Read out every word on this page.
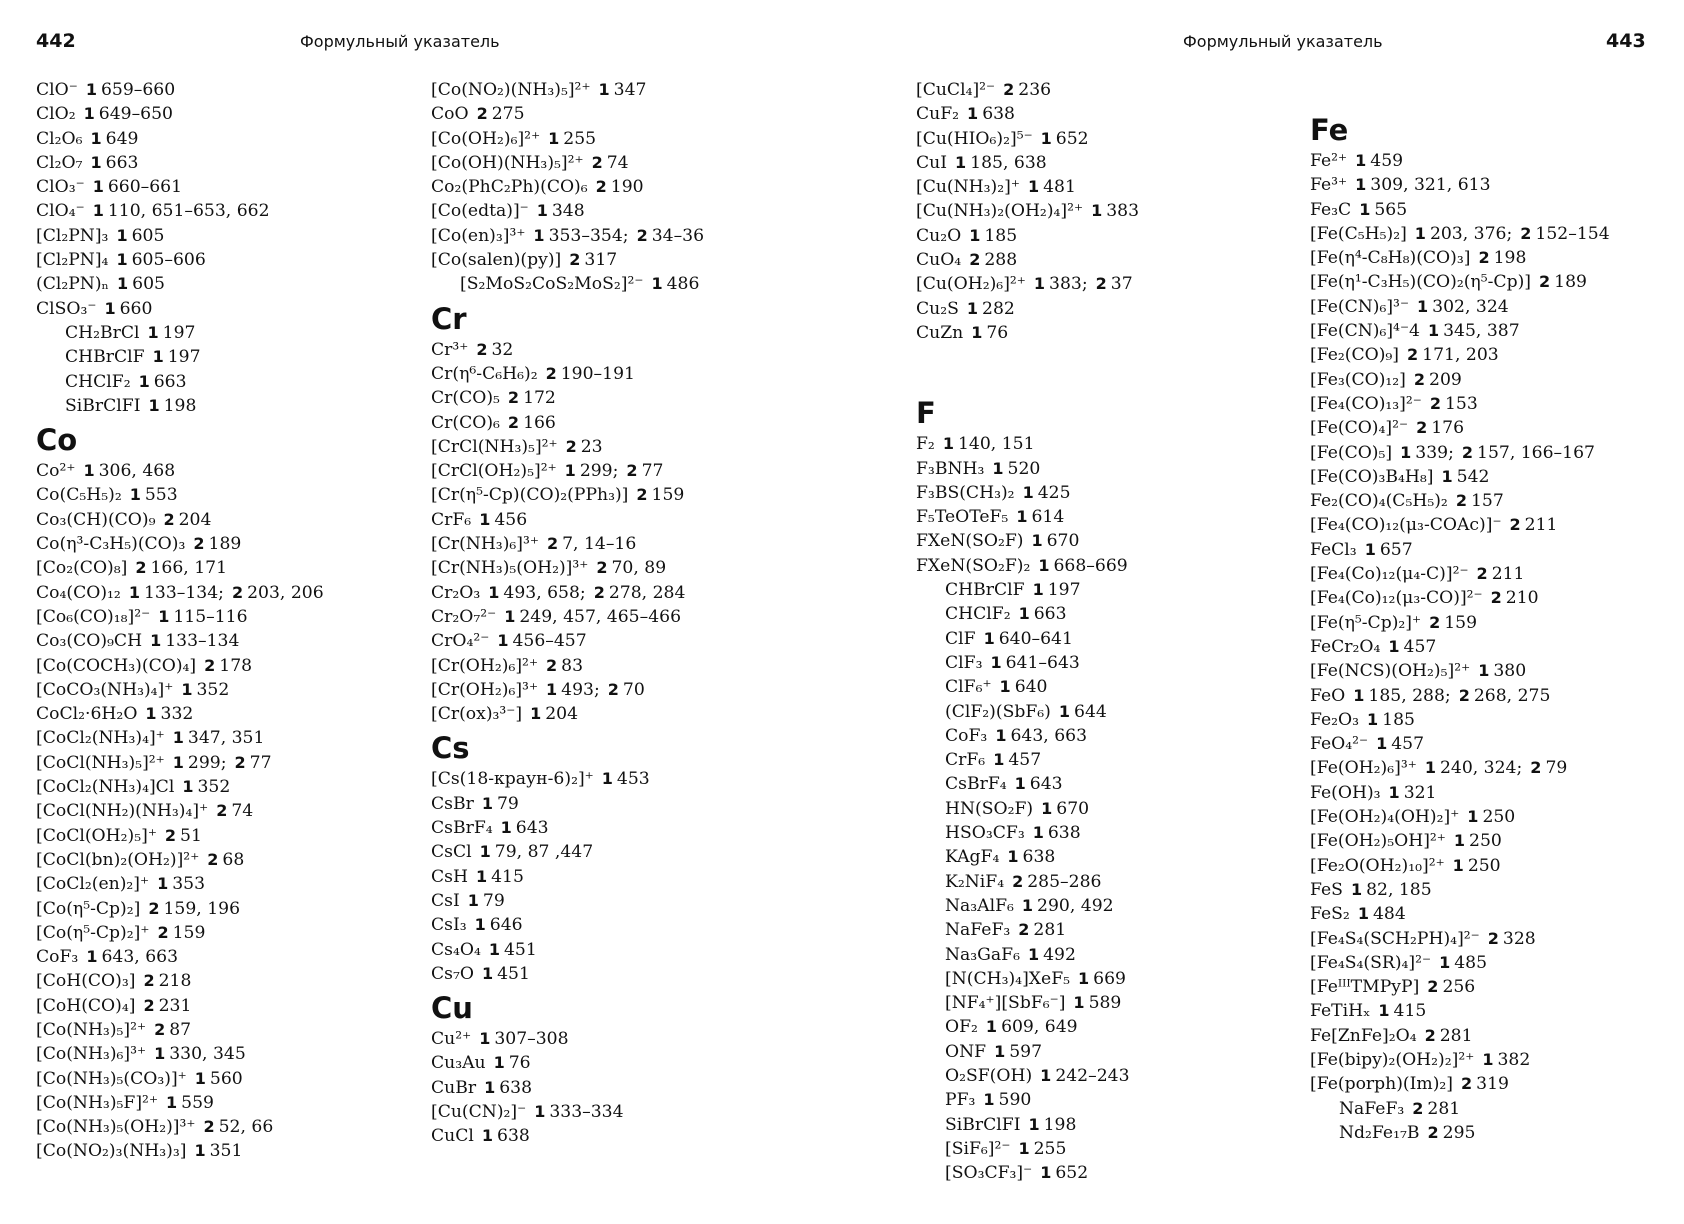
442	Формульный указатель	Формульный указатель	443
ClO⁻ 1 659–660
ClO₂ 1 649–650
Cl₂O₆ 1 649
Cl₂O₇ 1 663
ClO₃⁻ 1 660–661
ClO₄⁻ 1 110, 651–653, 662
[Cl₂PN]₃ 1 605
[Cl₂PN]₄ 1 605–606
(Cl₂PN)ₙ 1 605
ClSO₃⁻ 1 660
CH₂BrCl 1 197
CHBrClF 1 197
CHClF₂ 1 663
SiBrClFI 1 198
Co
Co²⁺ 1 306, 468
Co(C₅H₅)₂ 1 553
Co₃(CH)(CO)₉ 2 204
Co(η³-C₃H₅)(CO)₃ 2 189
[Co₂(CO)₈] 2 166, 171
Co₄(CO)₁₂ 1 133–134; 2 203, 206
[Co₆(CO)₁₈]²⁻ 1 115–116
Co₃(CO)₉CH 1 133–134
[Co(COCH₃)(CO)₄] 2 178
[CoCO₃(NH₃)₄]⁺ 1 352
CoCl₂·6H₂O 1 332
[CoCl₂(NH₃)₄]⁺ 1 347, 351
[CoCl(NH₃)₅]²⁺ 1 299; 2 77
[CoCl₂(NH₃)₄]Cl 1 352
[CoCl(NH₂)(NH₃)₄]⁺ 2 74
[CoCl(OH₂)₅]⁺ 2 51
[CoCl(bn)₂(OH₂)]²⁺ 2 68
[CoCl₂(en)₂]⁺ 1 353
[Co(η⁵-Cp)₂] 2 159, 196
[Co(η⁵-Cp)₂]⁺ 2 159
CoF₃ 1 643, 663
[CoH(CO)₃] 2 218
[CoH(CO)₄] 2 231
[Co(NH₃)₅]²⁺ 2 87
[Co(NH₃)₆]³⁺ 1 330, 345
[Co(NH₃)₅(CO₃)]⁺ 1 560
[Co(NH₃)₅F]²⁺ 1 559
[Co(NH₃)₅(OH₂)]³⁺ 2 52, 66
[Co(NO₂)₃(NH₃)₃] 1 351
[Co(NO₂)(NH₃)₅]²⁺ 1 347
CoO 2 275
[Co(OH₂)₆]²⁺ 1 255
[Co(OH)(NH₃)₅]²⁺ 2 74
Co₂(PhC₂Ph)(CO)₆ 2 190
[Co(edta)]⁻ 1 348
[Co(en)₃]³⁺ 1 353–354; 2 34–36
[Co(salen)(py)] 2 317
[S₂MoS₂CoS₂MoS₂]²⁻ 1 486
Cr
Cr³⁺ 2 32
Cr(η⁶-C₆H₆)₂ 2 190–191
Cr(CO)₅ 2 172
Cr(CO)₆ 2 166
[CrCl(NH₃)₅]²⁺ 2 23
[CrCl(OH₂)₅]²⁺ 1 299; 2 77
[Cr(η⁵-Cp)(CO)₂(PPh₃)] 2 159
CrF₆ 1 456
[Cr(NH₃)₆]³⁺ 2 7, 14–16
[Cr(NH₃)₅(OH₂)]³⁺ 2 70, 89
Cr₂O₃ 1 493, 658; 2 278, 284
Cr₂O₇²⁻ 1 249, 457, 465–466
CrO₄²⁻ 1 456–457
[Cr(OH₂)₆]²⁺ 2 83
[Cr(OH₂)₆]³⁺ 1 493; 2 70
[Cr(ox)₃³⁻] 1 204
Cs
[Cs(18-краун-6)₂]⁺ 1 453
CsBr 1 79
CsBrF₄ 1 643
CsCl 1 79, 87 ,447
CsH 1 415
CsI 1 79
CsI₃ 1 646
Cs₄O₄ 1 451
Cs₇O 1 451
Cu
Cu²⁺ 1 307–308
Cu₃Au 1 76
CuBr 1 638
[Cu(CN)₂]⁻ 1 333–334
CuCl 1 638
[CuCl₄]²⁻ 2 236
CuF₂ 1 638
[Cu(HIO₆)₂]⁵⁻ 1 652
CuI 1 185, 638
[Cu(NH₃)₂]⁺ 1 481
[Cu(NH₃)₂(OH₂)₄]²⁺ 1 383
Cu₂O 1 185
CuO₄ 2 288
[Cu(OH₂)₆]²⁺ 1 383; 2 37
Cu₂S 1 282
CuZn 1 76
F
F₂ 1 140, 151
F₃BNH₃ 1 520
F₃BS(CH₃)₂ 1 425
F₅TeOTeF₅ 1 614
FXeN(SO₂F) 1 670
FXeN(SO₂F)₂ 1 668–669
CHBrClF 1 197
CHClF₂ 1 663
ClF 1 640–641
ClF₃ 1 641–643
ClF₆⁺ 1 640
(ClF₂)(SbF₆) 1 644
CoF₃ 1 643, 663
CrF₆ 1 457
CsBrF₄ 1 643
HN(SO₂F) 1 670
HSO₃CF₃ 1 638
KAgF₄ 1 638
K₂NiF₄ 2 285–286
Na₃AlF₆ 1 290, 492
NaFeF₃ 2 281
Na₃GaF₆ 1 492
[N(CH₃)₄]XeF₅ 1 669
[NF₄⁺][SbF₆⁻] 1 589
OF₂ 1 609, 649
ONF 1 597
O₂SF(OH) 1 242–243
PF₃ 1 590
SiBrClFI 1 198
[SiF₆]²⁻ 1 255
[SO₃CF₃]⁻ 1 652
Fe
Fe²⁺ 1 459
Fe³⁺ 1 309, 321, 613
Fe₃C 1 565
[Fe(C₅H₅)₂] 1 203, 376; 2 152–154
[Fe(η⁴-C₈H₈)(CO)₃] 2 198
[Fe(η¹-C₃H₅)(CO)₂(η⁵-Cp)] 2 189
[Fe(CN)₆]³⁻ 1 302, 324
[Fe(CN)₆]⁴⁻4 1 345, 387
[Fe₂(CO)₉] 2 171, 203
[Fe₃(CO)₁₂] 2 209
[Fe₄(CO)₁₃]²⁻ 2 153
[Fe(CO)₄]²⁻ 2 176
[Fe(CO)₅] 1 339; 2 157, 166–167
[Fe(CO)₃B₄H₈] 1 542
Fe₂(CO)₄(C₅H₅)₂ 2 157
[Fe₄(CO)₁₂(μ₃-COAc)]⁻ 2 211
FeCl₃ 1 657
[Fe₄(Co)₁₂(μ₄-C)]²⁻ 2 211
[Fe₄(Co)₁₂(μ₃-CO)]²⁻ 2 210
[Fe(η⁵-Cp)₂]⁺ 2 159
FeCr₂O₄ 1 457
[Fe(NCS)(OH₂)₅]²⁺ 1 380
FeO 1 185, 288; 2 268, 275
Fe₂O₃ 1 185
FeO₄²⁻ 1 457
[Fe(OH₂)₆]³⁺ 1 240, 324; 2 79
Fe(OH)₃ 1 321
[Fe(OH₂)₄(OH)₂]⁺ 1 250
[Fe(OH₂)₅OH]²⁺ 1 250
[Fe₂O(OH₂)₁₀]²⁺ 1 250
FeS 1 82, 185
FeS₂ 1 484
[Fe₄S₄(SCH₂PH)₄]²⁻ 2 328
[Fe₄S₄(SR)₄]²⁻ 1 485
[FeᴵᴵᴵTMPyP] 2 256
FeTiHₓ 1 415
Fe[ZnFe]₂O₄ 2 281
[Fe(bipy)₂(OH₂)₂]²⁺ 1 382
[Fe(porph)(Im)₂] 2 319
NaFeF₃ 2 281
Nd₂Fe₁₇B 2 295
